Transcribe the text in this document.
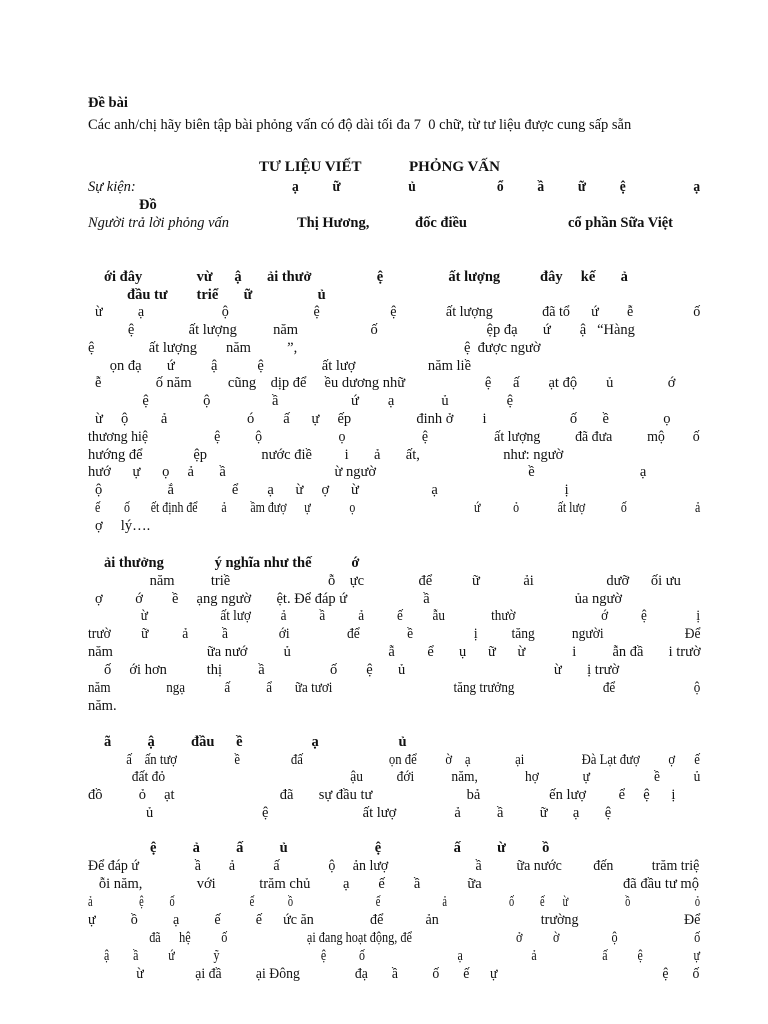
Đề bài
Các anh/chị hãy biên tập bài phỏng vấn có độ dài tối đa 7  0 chữ, từ tư liệu được cung sấp sẵn
TƯ LIỆU VIẾT	PHỎNG VẤN
Sự kiện:	ạ          ữ                    ủ                        ổ          ầ          ữ          ệ                    ạ
Đồ
Người trả lời phỏng vấn	Thị Hương,	đốc điều	cổ phần Sữa Việt
ới đây               vừ      ậ       ải thưở                  ệ                  ất lượng           đây     kế       ả
đầu tư        triể       ữ                  ủ
ừ          ạ                      ộ                        ệ                    ệ              ất lượng              đã tổ      ứ        ễ                 ố
ệ               ất lượng          năm                    ố                              ệp đạ       ứ        ậ   “Hàng
ệ               ất lượng        năm          ”,                                              ệ  được ngườ
ọn đạ       ứ          ậ           ệ                ất lượ                    năm liề
ễ               ố năm          cũng    dịp để     ều dương nhữ                      ệ      ấ        ạt độ        ủ               ớ
ệ               ộ                 ầ                    ứ        ạ             ủ                ệ
ừ     ộ         ả                      ó        ấ      ự     ếp                  đinh ở        i                       ố       ề               ọ
thương hiệ                   ệ          ộ                      ọ                      ệ                   ất lượng          đã đưa          mộ        ố
hướng để              ệp               nước điề         i       ả       ất,                       như: ngườ
hướ      ự      ọ     ả       ầ                              ừ ngườ                                          ề                             ạ
ộ                  ắ                ể        ạ      ừ     ợ      ừ                    ạ                                   ị
ế        ố       ết định để        ả        ầm đượ      ự             ọ                                        ứ           ỏ             ất lượ            ố                       ả
ợ     lý….
ải thưởng              ý nghĩa như thế           ớ
năm          triề                           ỗ    ực               để           ữ            ải                    dưỡ      ối ưu
ợ         ớ        ề     ạng ngườ       ệt. Để đáp ứ                     ầ                                        ủa ngườ
ừ                      ất lượ         ả          ầ          ả          ế         ẫu              thườ                          ớ          ệ               ị
trườ         ữ          ả          ầ               ới                 để              ề                  ị          tăng           người                        Để
năm                          ữa nướ          ủ                           ẫ         ể       ụ      ữ      ừ             i          ẫn đầ       i trườ
ố     ới hơn           thị          ầ                  ố        ệ       ủ                                         ừ       ị trườ
năm                 ngạ            ấ           ẩ       ữa tươi                                     tăng trưởng                           để                        ộ
năm.
ã          ậ          đầu      ề                   ạ                      ủ
ấ    ấn tượ                  ề                đấ                           ọn để         ờ    ạ              ại                  Đà Lạt đượ         ợ      ế
đất đỏ                                                       ậu          đới           năm,              hợ             ự                   ề          ủ
đồ          ỏ     ạt                             đã       sự đầu tư                          bả                   ến lượ         ể     ệ      ị
ủ                              ệ                          ất lượ                ả          ầ          ữ       ạ       ệ
ệ          ả          ấ          ủ                        ệ                    ấ          ừ          ồ
Để đáp ứ                ầ        ả           ấ              ộ     ản lượ                         ầ          ữa nước         đến           trăm triệ
ỗi năm,               với            trăm chủ         ạ        ế        ầ             ữa                                       đã đầu tư mộ
ả                  ệ          ố                             ế             ồ                                ế                        ả                        ố          ế       ừ                      ồ                         ỏ
ự          ồ          ạ          ế          ế      ức ăn                để            ản                             trường                              Để
đã      hệ          ố                          ại đang hoạt động, để                                  ở          ờ                 ộ                         ố
ậ        ầ          ứ             ỹ                                  ệ           ố                               ạ                       ả                      ấ          ệ                 ự
ừ               ại đầ          ại Đông                đạ       ầ          ố       ế      ự                                                ệ       ố
